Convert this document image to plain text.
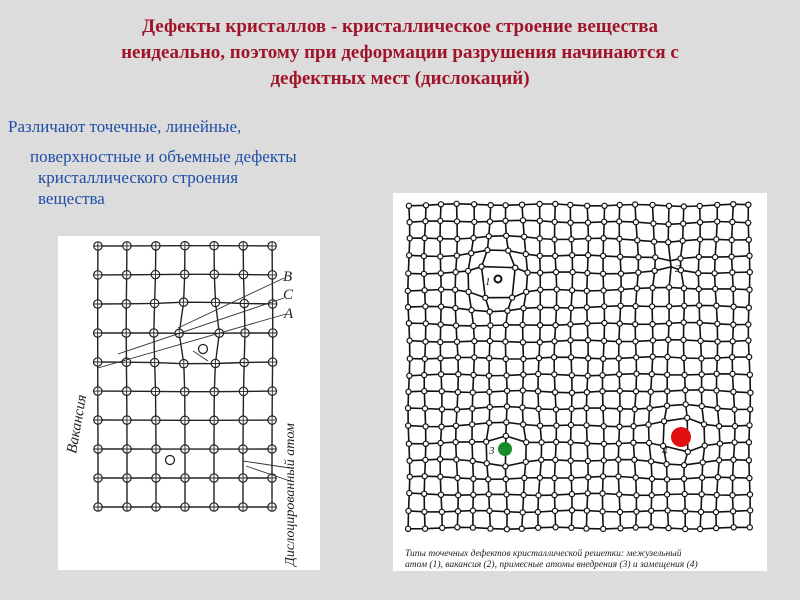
Дефекты кристаллов - кристаллическое строение вещества
неидеально, поэтому при деформации разрушения начинаются с
дефектных мест (дислокаций)
Различают точечные, линейные,
поверхностные и объемные дефекты
кристаллического строения
вещества
B
C
A
Вакансия	Дислоцированный атом
1
2
3	4
Типы точечных дефектов кристаллической решетки: межузельный
атом (1), вакансия (2), примесные атомы внедрения (3) и замещения (4)
